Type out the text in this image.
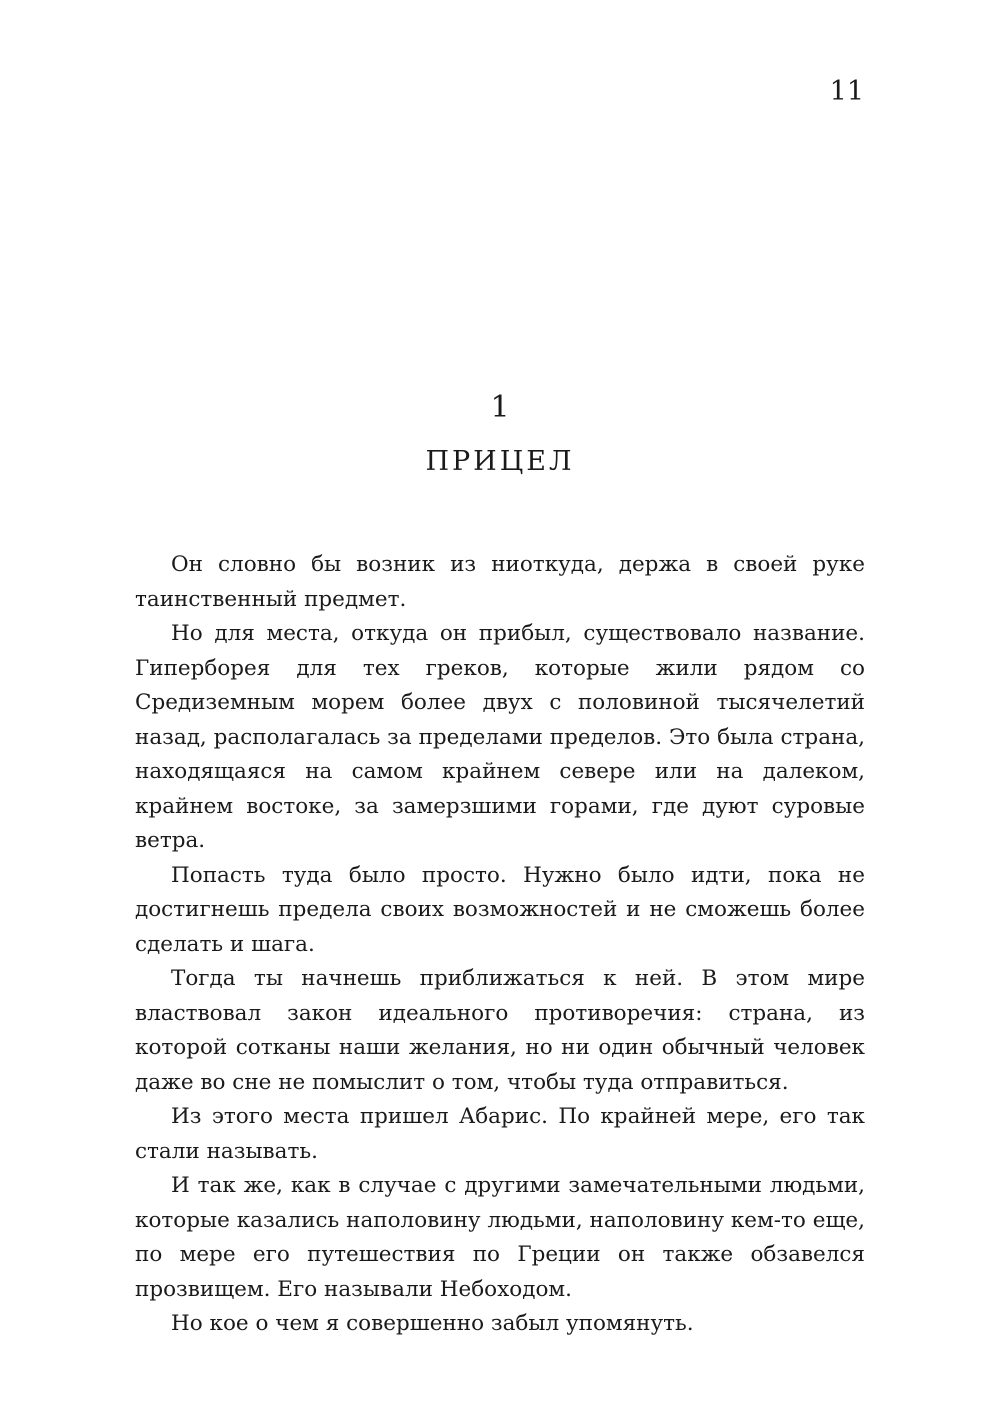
11
1
ПРИЦЕЛ

Он словно бы возник из ниоткуда, держа в своей руке таинственный предмет.

Но для места, откуда он прибыл, существовало название. Гиперборея для тех греков, которые жили рядом со Средиземным морем более двух с половиной тысячелетий назад, располагалась за пределами пределов. Это была страна, находящаяся на самом крайнем севере или на далеком, крайнем востоке, за замерзшими горами, где дуют суровые ветра.

Попасть туда было просто. Нужно было идти, пока не достигнешь предела своих возможностей и не сможешь более сделать и шага.

Тогда ты начнешь приближаться к ней. В этом мире властвовал закон идеального противоречия: страна, из которой сотканы наши желания, но ни один обычный человек даже во сне не помыслит о том, чтобы туда отправиться.

Из этого места пришел Абарис. По крайней мере, его так стали называть.

И так же, как в случае с другими замечательными людьми, которые казались наполовину людьми, наполовину кем-то еще, по мере его путешествия по Греции он также обзавелся прозвищем. Его называли Небоходом.

Но кое о чем я совершенно забыл упомянуть.
